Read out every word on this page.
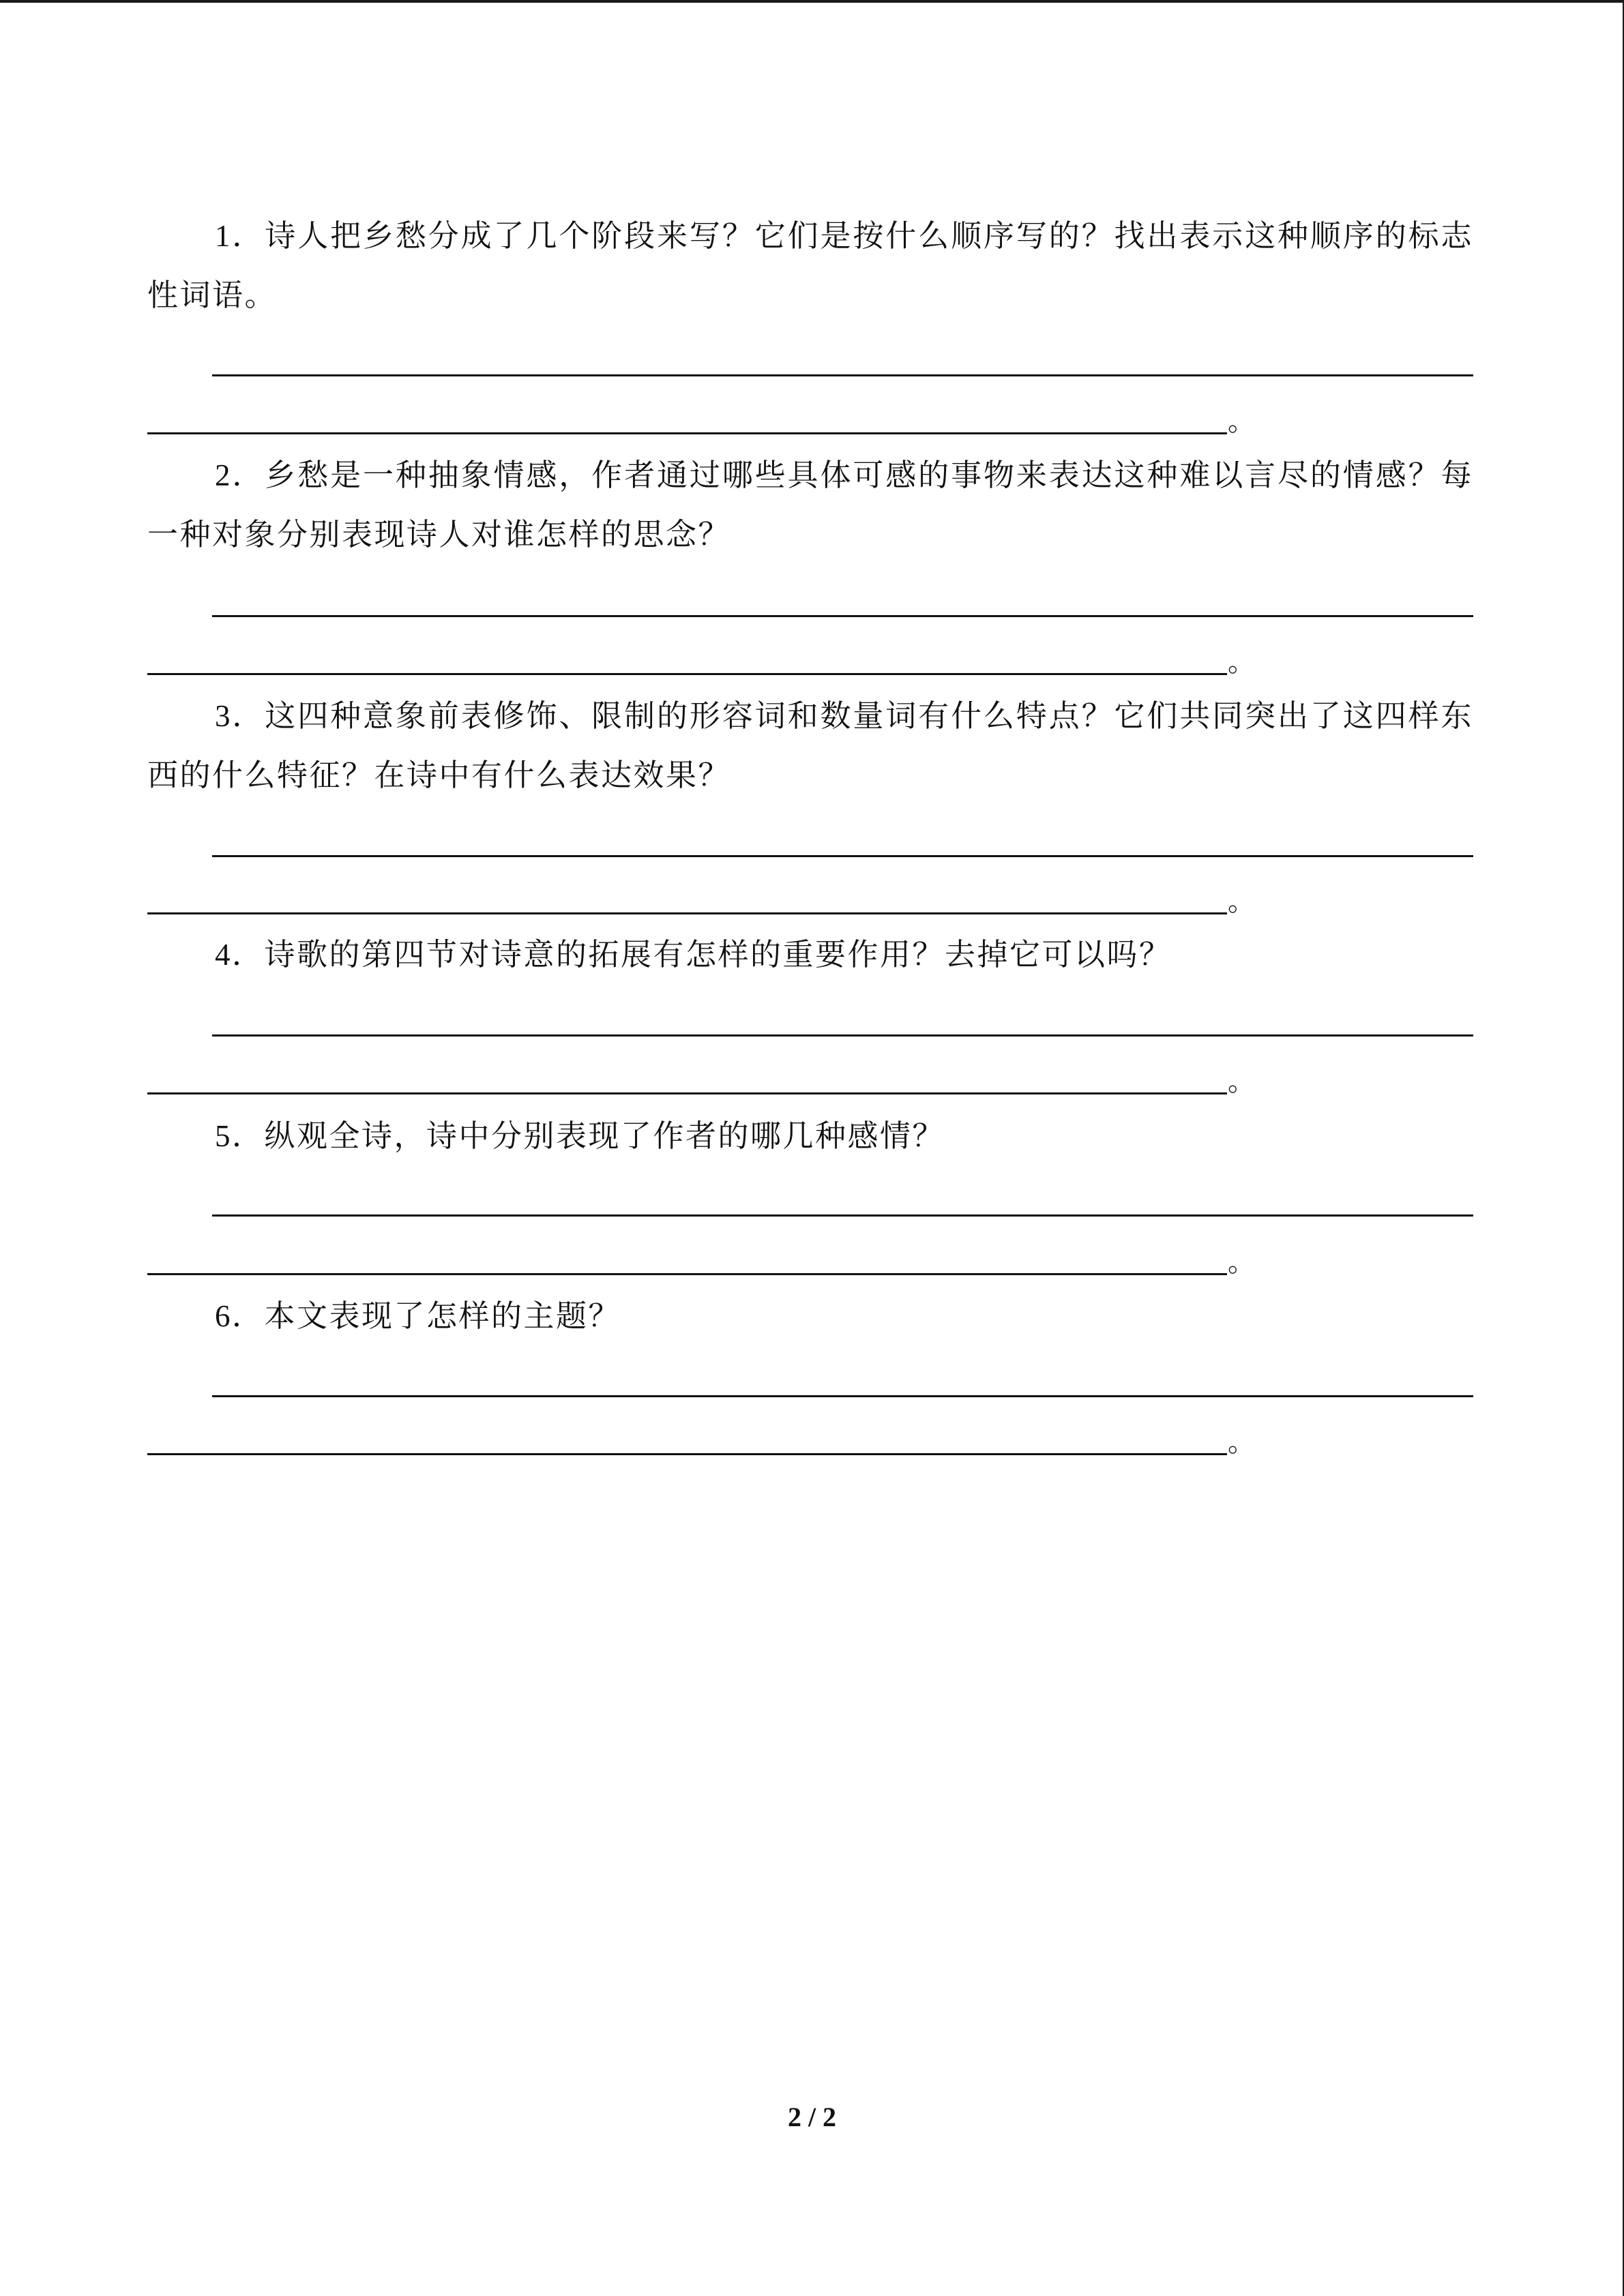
1．诗人把乡愁分成了几个阶段来写？它们是按什么顺序写的？找出表示这种顺序的标志性词语。

。

2．乡愁是一种抽象情感，作者通过哪些具体可感的事物来表达这种难以言尽的情感？每一种对象分别表现诗人对谁怎样的思念？

。

3．这四种意象前表修饰、限制的形容词和数量词有什么特点？它们共同突出了这四样东西的什么特征？在诗中有什么表达效果？

。

4．诗歌的第四节对诗意的拓展有怎样的重要作用？去掉它可以吗？

。

5．纵观全诗，诗中分别表现了作者的哪几种感情？

。

6．本文表现了怎样的主题？

。
2 / 2
